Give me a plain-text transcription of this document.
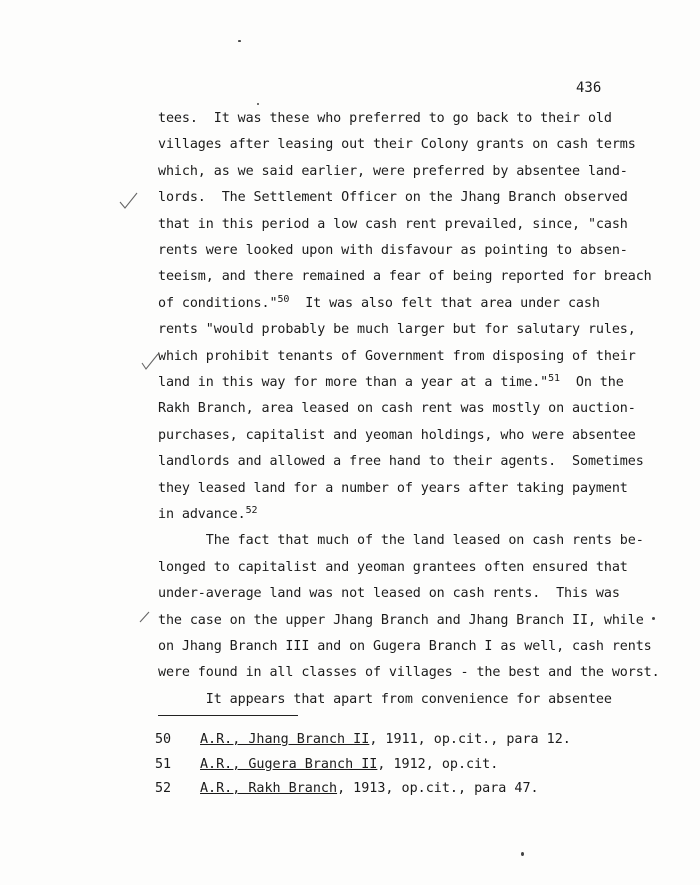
436
tees.  It was these who preferred to go back to their old
villages after leasing out their Colony grants on cash terms
which, as we said earlier, were preferred by absentee land-
lords.  The Settlement Officer on the Jhang Branch observed
that in this period a low cash rent prevailed, since, "cash
rents were looked upon with disfavour as pointing to absen-
teeism, and there remained a fear of being reported for breach
of conditions."$^{50}$  It was also felt that area under cash
rents "would probably be much larger but for salutary rules,
which prohibit tenants of Government from disposing of their
land in this way for more than a year at a time."$^{51}$  On the
Rakh Branch, area leased on cash rent was mostly on auction-
purchases, capitalist and yeoman holdings, who were absentee
landlords and allowed a free hand to their agents.  Sometimes
they leased land for a number of years after taking payment
in advance.$^{52}$
The fact that much of the land leased on cash rents be-
longed to capitalist and yeoman grantees often ensured that
under-average land was not leased on cash rents.  This was
the case on the upper Jhang Branch and Jhang Branch II, while
on Jhang Branch III and on Gugera Branch I as well, cash rents
were found in all classes of villages - the best and the worst.
It appears that apart from convenience for absentee
50 A.R., Jhang Branch II, 1911, op.cit., para 12.
51 A.R., Gugera Branch II, 1912, op.cit.
52 A.R., Rakh Branch, 1913, op.cit., para 47.
